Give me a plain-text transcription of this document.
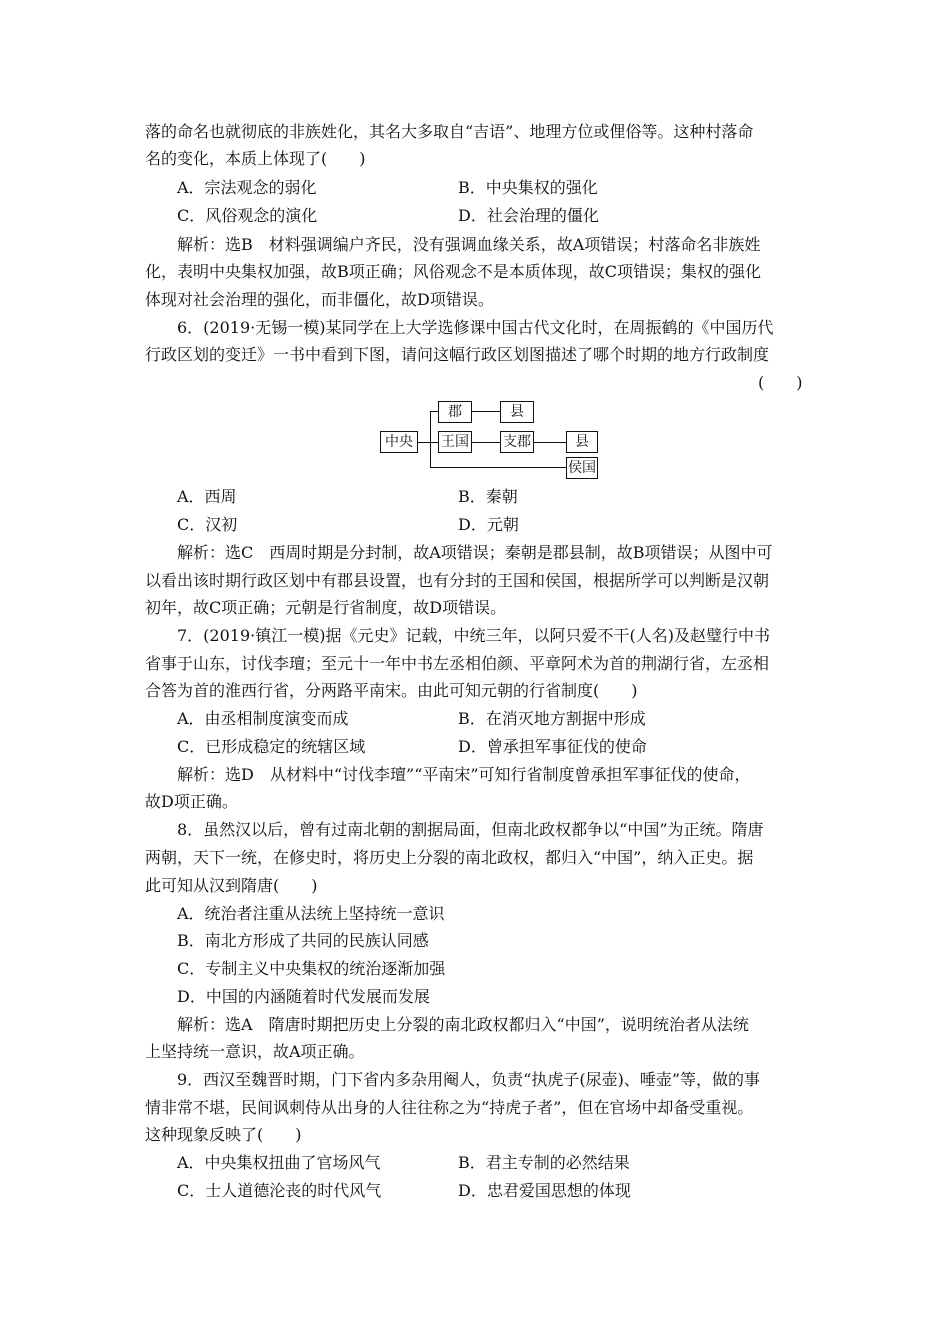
落的命名也就彻底的非族姓化，其名大多取自“吉语”、地理方位或俚俗等。这种村落命
名的变化，本质上体现了(　　)
A．宗法观念的弱化	B．中央集权的强化
C．风俗观念的演化	D．社会治理的僵化
解析：选B　材料强调编户齐民，没有强调血缘关系，故A项错误；村落命名非族姓
化，表明中央集权加强，故B项正确；风俗观念不是本质体现，故C项错误；集权的强化
体现对社会治理的强化，而非僵化，故D项错误。
6．(2019·无锡一模)某同学在上大学选修课中国古代文化时，在周振鹤的《中国历代
行政区划的变迁》一书中看到下图，请问这幅行政区划图描述了哪个时期的地方行政制度
(　　)
中央
郡	县
王国 支郡	县
侯国
A．西周	B．秦朝
C．汉初	D．元朝
解析：选C　西周时期是分封制，故A项错误；秦朝是郡县制，故B项错误；从图中可
以看出该时期行政区划中有郡县设置，也有分封的王国和侯国，根据所学可以判断是汉朝
初年，故C项正确；元朝是行省制度，故D项错误。
7．(2019·镇江一模)据《元史》记载，中统三年，以阿只爱不干(人名)及赵璧行中书
省事于山东，讨伐李璮；至元十一年中书左丞相伯颜、平章阿术为首的荆湖行省，左丞相
合答为首的淮西行省，分两路平南宋。由此可知元朝的行省制度(　　)
A．由丞相制度演变而成	B．在消灭地方割据中形成
C．已形成稳定的统辖区域	D．曾承担军事征伐的使命
解析：选D　从材料中“讨伐李璮”“平南宋”可知行省制度曾承担军事征伐的使命，
故D项正确。
8．虽然汉以后，曾有过南北朝的割据局面，但南北政权都争以“中国”为正统。隋唐
两朝，天下一统，在修史时，将历史上分裂的南北政权，都归入“中国”，纳入正史。据
此可知从汉到隋唐(　　)
A．统治者注重从法统上坚持统一意识
B．南北方形成了共同的民族认同感
C．专制主义中央集权的统治逐渐加强
D．中国的内涵随着时代发展而发展
解析：选A　隋唐时期把历史上分裂的南北政权都归入“中国”，说明统治者从法统
上坚持统一意识，故A项正确。
9．西汉至魏晋时期，门下省内多杂用阉人，负责“执虎子(尿壶)、唾壶”等，做的事
情非常不堪，民间讽刺侍从出身的人往往称之为“持虎子者”，但在官场中却备受重视。
这种现象反映了(　　)
A．中央集权扭曲了官场风气	B．君主专制的必然结果
C．士人道德沦丧的时代风气	D．忠君爱国思想的体现
